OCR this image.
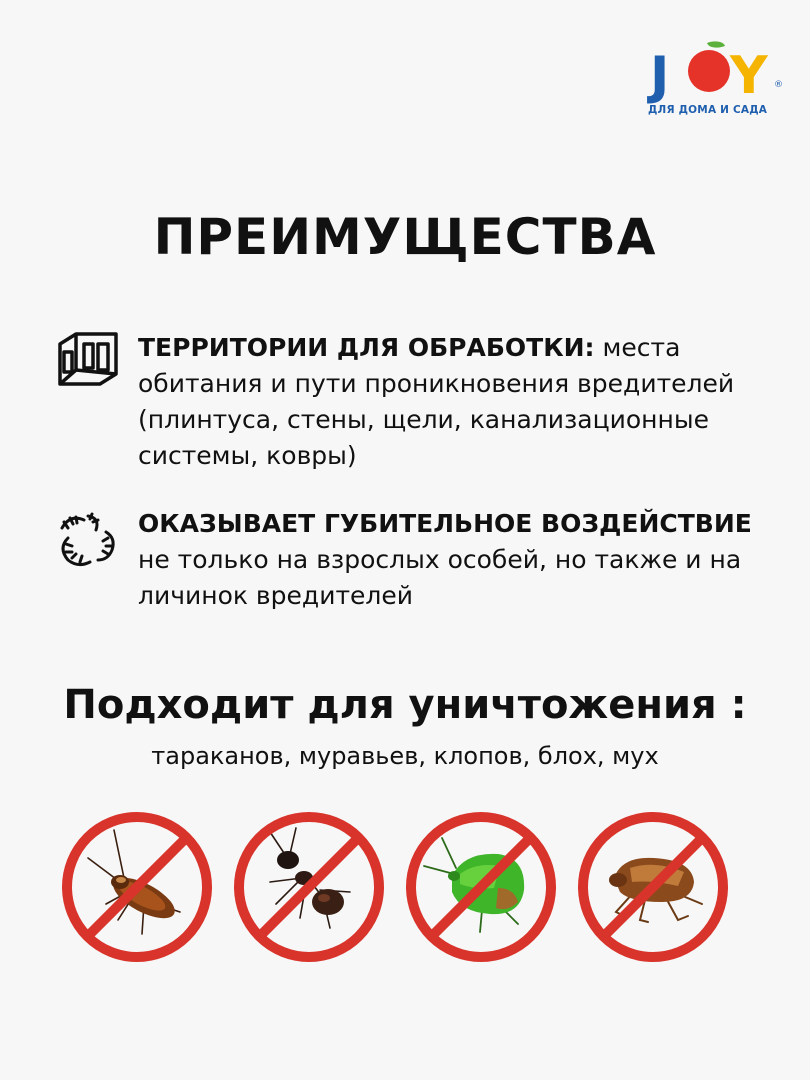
J Y ®
ДЛЯ ДОМА И САДА
ПРЕИМУЩЕСТВА
ТЕРРИТОРИИ ДЛЯ ОБРАБОТКИ: места обитания и пути проникновения вредителей (плинтуса, стены, щели, канализационные системы, ковры)
ОКАЗЫВАЕТ ГУБИТЕЛЬНОЕ ВОЗДЕЙСТВИЕ
не только на взрослых особей, но также и на личинок вредителей
Подходит для уничтожения :
тараканов, муравьев, клопов, блох, мух
